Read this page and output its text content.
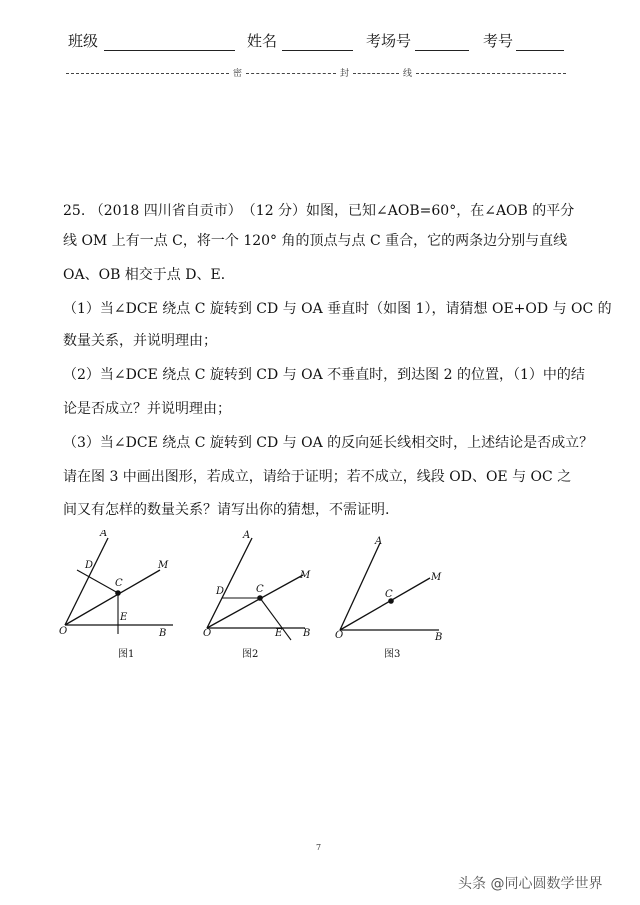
班级	姓名	考场号	考号
密	封	线
25. （2018 四川省自贡市）　（12 分）如图，已知∠AOB=60°，在∠AOB 的平分
线 OM 上有一点 C，将一个 120° 角的顶点与点 C 重合，它的两条边分别与直线
OA、OB 相交于点 D、E．
（1）当∠DCE 绕点 C 旋转到 CD 与 OA 垂直时（如图 1），请猜想 OE+OD 与 OC 的
数量关系，并说明理由；
（2）当∠DCE 绕点 C 旋转到 CD 与 OA 不垂直时，到达图 2 的位置，（1）中的结
论是否成立？并说明理由；
（3）当∠DCE 绕点 C 旋转到 CD 与 OA 的反向延长线相交时，上述结论是否成立？
请在图 3 中画出图形，若成立，请给于证明；若不成立，线段 OD、OE 与 OC 之
间又有怎样的数量关系？请写出你的猜想，不需证明.
A
D
C
M
O
E
B
图1
A
D	C
M
O	E B
图2
A
C
M
O	B
图3
7
头条 @同心圆数学世界
